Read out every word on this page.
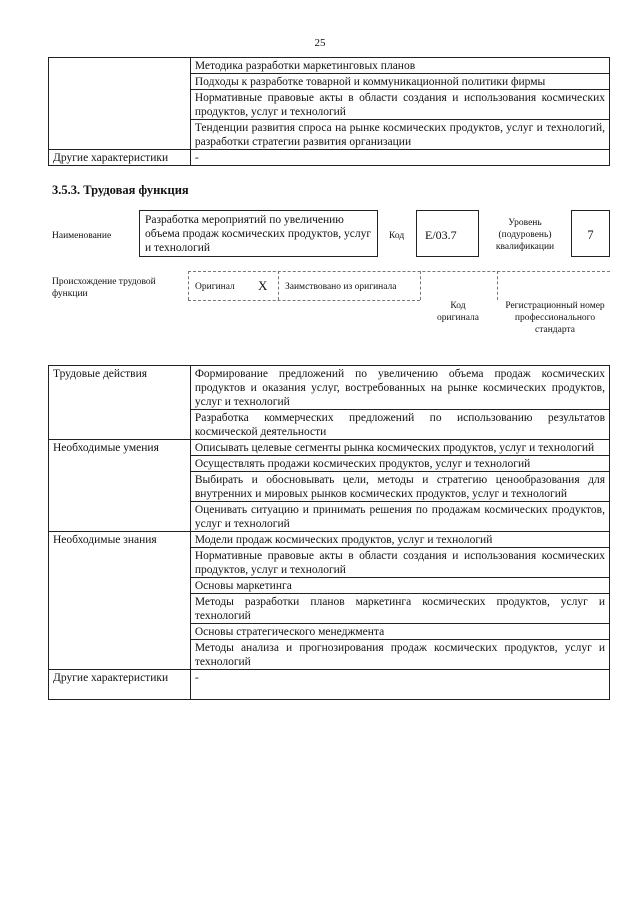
25
	Методика разработки маркетинговых планов
	Подходы к разработке товарной и коммуникационной политики фирмы
	Нормативные правовые акты в области создания и использования космических продуктов, услуг и технологий
	Тенденции развития спроса на рынке космических продуктов, услуг и технологий, разработки стратегии развития организации
Другие характеристики	-
3.5.3. Трудовая функция
Наименование
Разработка мероприятий по увеличению объема продаж космических продуктов, услуг и технологий
Код	E/03.7
Уровень (подуровень) квалификации
7
Происхождение трудовой функции
Оригинал X Заимствовано из оригинала
Код оригинала
Регистрационный номер профессионального стандарта
Трудовые действия	Формирование предложений по увеличению объема продаж космических продуктов и оказания услуг, востребованных на рынке космических продуктов, услуг и технологий
	Разработка коммерческих предложений по использованию результатов космической деятельности
Необходимые умения	Описывать целевые сегменты рынка космических продуктов, услуг и технологий
	Осуществлять продажи космических продуктов, услуг и технологий
	Выбирать и обосновывать цели, методы и стратегию ценообразования для внутренних и мировых рынков космических продуктов, услуг и технологий
	Оценивать ситуацию и принимать решения по продажам космических продуктов, услуг и технологий
Необходимые знания	Модели продаж космических продуктов, услуг и технологий
	Нормативные правовые акты в области создания и использования космических продуктов, услуг и технологий
	Основы маркетинга
	Методы разработки планов маркетинга космических продуктов, услуг и технологий
	Основы стратегического менеджмента
	Методы анализа и прогнозирования продаж космических продуктов, услуг и технологий
Другие характеристики	-
